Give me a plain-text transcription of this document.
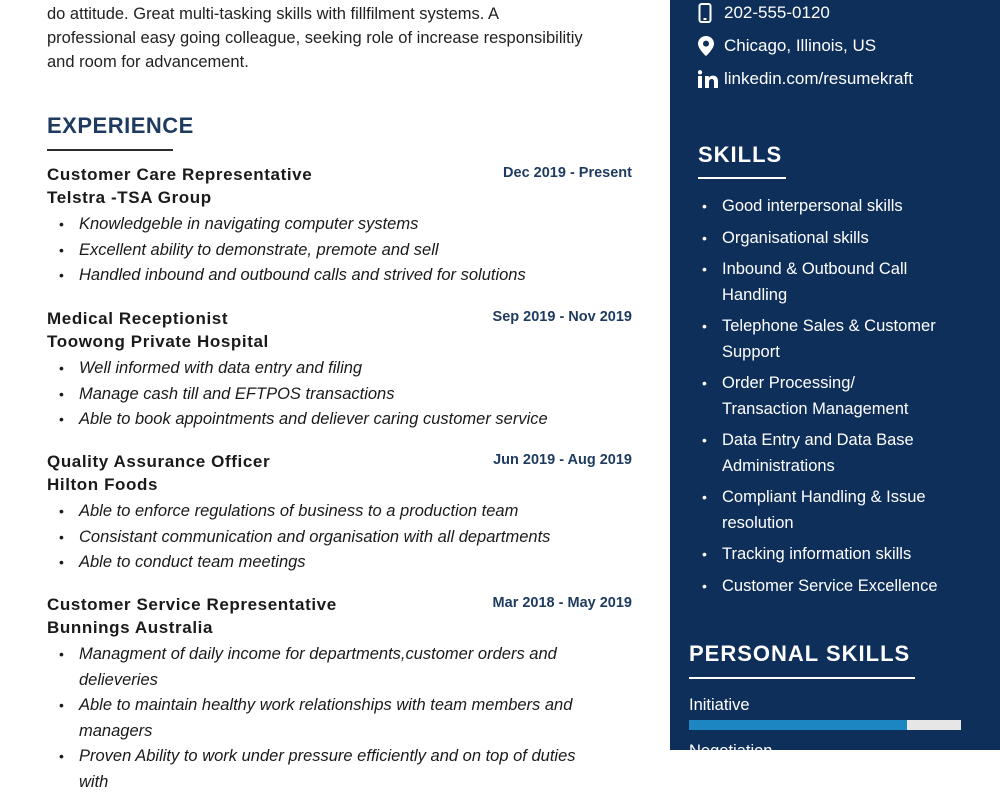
do attitude. Great multi-tasking skills with fillfilment systems. A
professional easy going colleague, seeking role of increase responsibilitiy
and room for advancement.
EXPERIENCE
Customer Care Representative
Telstra -TSA Group
Dec 2019 - Present
• Knowledgeble in navigating computer systems
• Excellent ability to demonstrate, premote and sell
• Handled inbound and outbound calls and strived for solutions
Medical Receptionist
Toowong Private Hospital
Sep 2019 - Nov 2019
• Well informed with data entry and filing
• Manage cash till and EFTPOS transactions
• Able to book appointments and deliever caring customer service
Quality Assurance Officer
Hilton Foods
Jun 2019 - Aug 2019
• Able to enforce regulations of business to a production team
• Consistant communication and organisation with all departments
• Able to conduct team meetings
Customer Service Representative
Bunnings Australia
Mar 2018 - May 2019
• Managment of daily income for departments,customer orders and delieveries
• Able to maintain healthy work relationships with team members and managers
• Proven Ability to work under pressure efficiently and on top of duties with
202-555-0120
Chicago, Illinois, US
linkedin.com/resumekraft
SKILLS
• Good interpersonal skills
• Organisational skills
• Inbound & Outbound Call Handling
• Telephone Sales & Customer Support
• Order Processing/ Transaction Management
• Data Entry and Data Base Administrations
• Compliant Handling & Issue resolution
• Tracking information skills
• Customer Service Excellence
PERSONAL SKILLS
Initiative
Negotiation
